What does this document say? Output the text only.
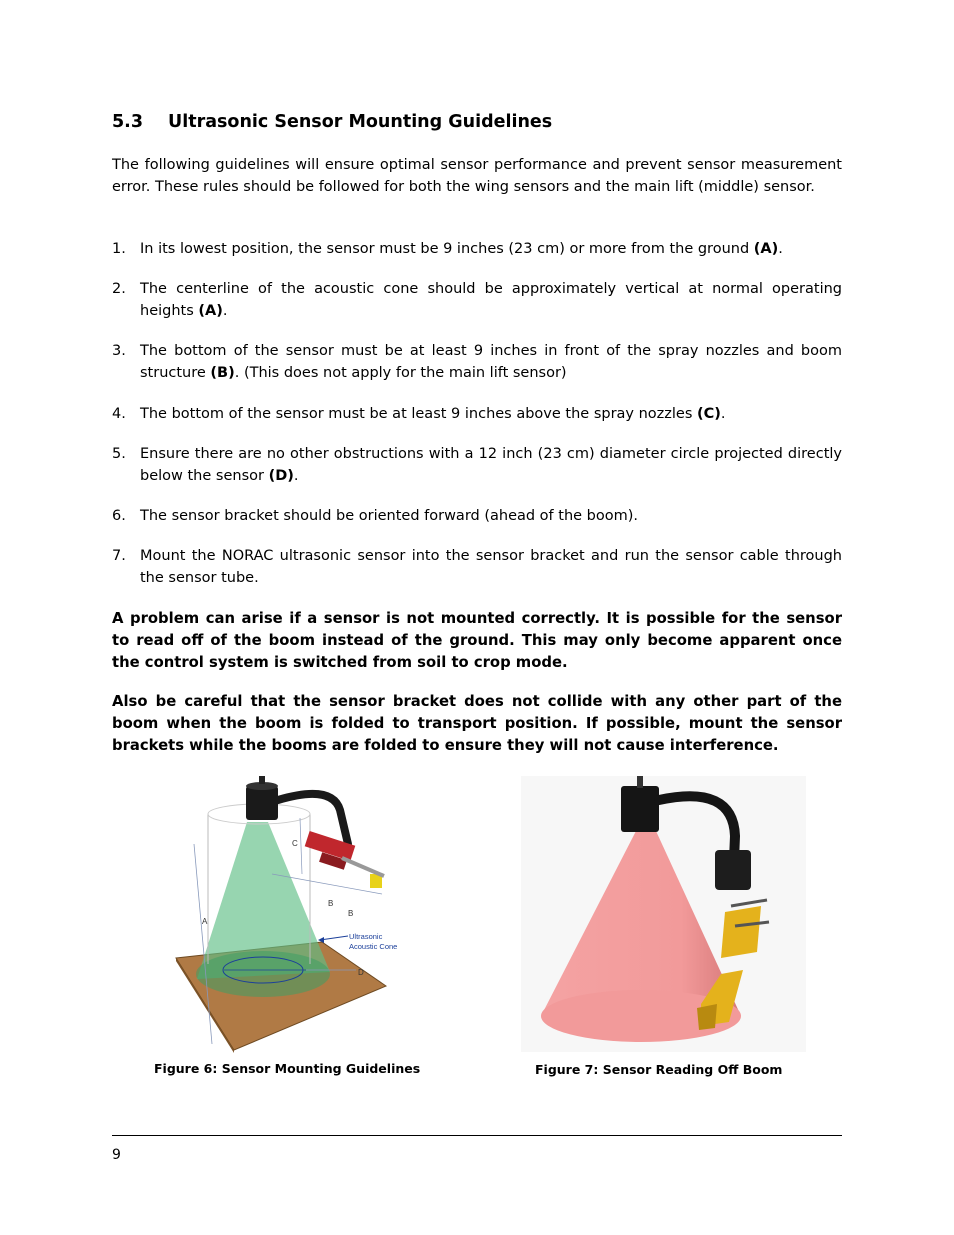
5.3 Ultrasonic Sensor Mounting Guidelines
The following guidelines will ensure optimal sensor performance and prevent sensor measurement error. These rules should be followed for both the wing sensors and the main lift (middle) sensor.
1. In its lowest position, the sensor must be 9 inches (23 cm) or more from the ground (A).
2. The centerline of the acoustic cone should be approximately vertical at normal operating heights (A).
3. The bottom of the sensor must be at least 9 inches in front of the spray nozzles and boom structure (B). (This does not apply for the main lift sensor)
4. The bottom of the sensor must be at least 9 inches above the spray nozzles (C).
5. Ensure there are no other obstructions with a 12 inch (23 cm) diameter circle projected directly below the sensor (D).
6. The sensor bracket should be oriented forward (ahead of the boom).
7. Mount the NORAC ultrasonic sensor into the sensor bracket and run the sensor cable through the sensor tube.
A problem can arise if a sensor is not mounted correctly. It is possible for the sensor to read off of the boom instead of the ground. This may only become apparent once the control system is switched from soil to crop mode.
Also be careful that the sensor bracket does not collide with any other part of the boom when the boom is folded to transport position. If possible, mount the sensor brackets while the booms are folded to ensure they will not cause interference.
A
C
B
B
Ultrasonic
Acoustic Cone
D
Figure 6: Sensor Mounting Guidelines	Figure 7: Sensor Reading Off Boom
9
